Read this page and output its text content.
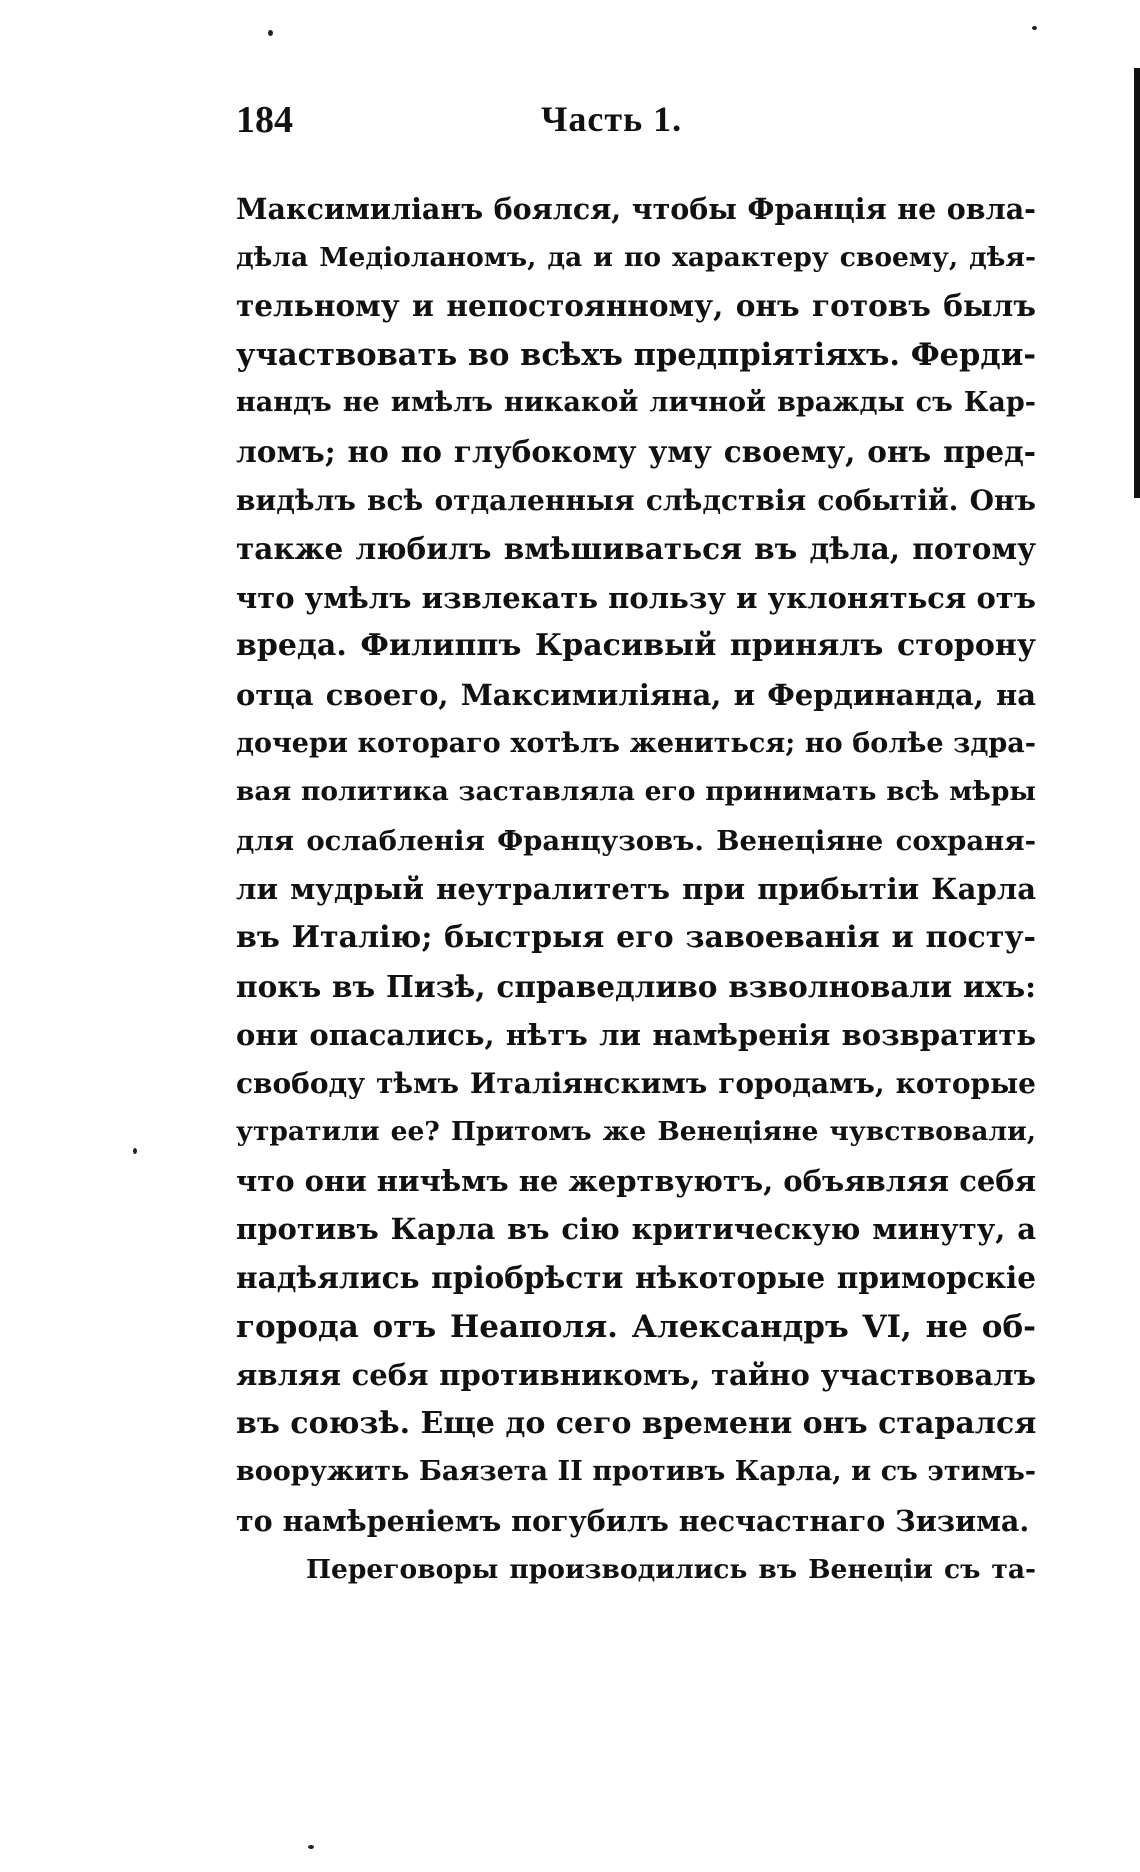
184	Часть 1.
Максимиліанъ боялся, чтобы Франція не овла-
дѣла Медіоланомъ, да и по характеру своему, дѣя-
тельному и непостоянному, онъ готовъ былъ
участвовать во всѣхъ предпріятіяхъ. Ферди-
нандъ не имѣлъ никакой личной вражды съ Кар-
ломъ; но по глубокому уму своему, онъ пред-
видѣлъ всѣ отдаленныя слѣдствія событій. Онъ
также любилъ вмѣшиваться въ дѣла, потому
что умѣлъ извлекать пользу и уклоняться отъ
вреда. Филиппъ Красивый принялъ сторону
отца своего, Максимиліяна, и Фердинанда, на
дочери котораго хотѣлъ жениться; но болѣе здра-
вая политика заставляла его принимать всѣ мѣры
для ослабленія Французовъ. Венеціяне сохраня-
ли мудрый неутралитетъ при прибытіи Карла
въ Италію; быстрыя его завоеванія и посту-
покъ въ Пизѣ, справедливо взволновали ихъ:
они опасались, нѣтъ ли намѣренія возвратить
свободу тѣмъ Италіянскимъ городамъ, которые
утратили ее? Притомъ же Венеціяне чувствовали,
что они ничѣмъ не жертвуютъ, объявляя себя
противъ Карла въ сію критическую минуту, а
надѣялись пріобрѣсти нѣкоторые приморскіе
города отъ Неаполя. Александръ VI, не об-
являя себя противникомъ, тайно участвовалъ
въ союзѣ. Еще до сего времени онъ старался
вооружить Баязета II противъ Карла, и съ этимъ-
то намѣреніемъ погубилъ несчастнаго Зизима.
Переговоры производились въ Венеціи съ та-
